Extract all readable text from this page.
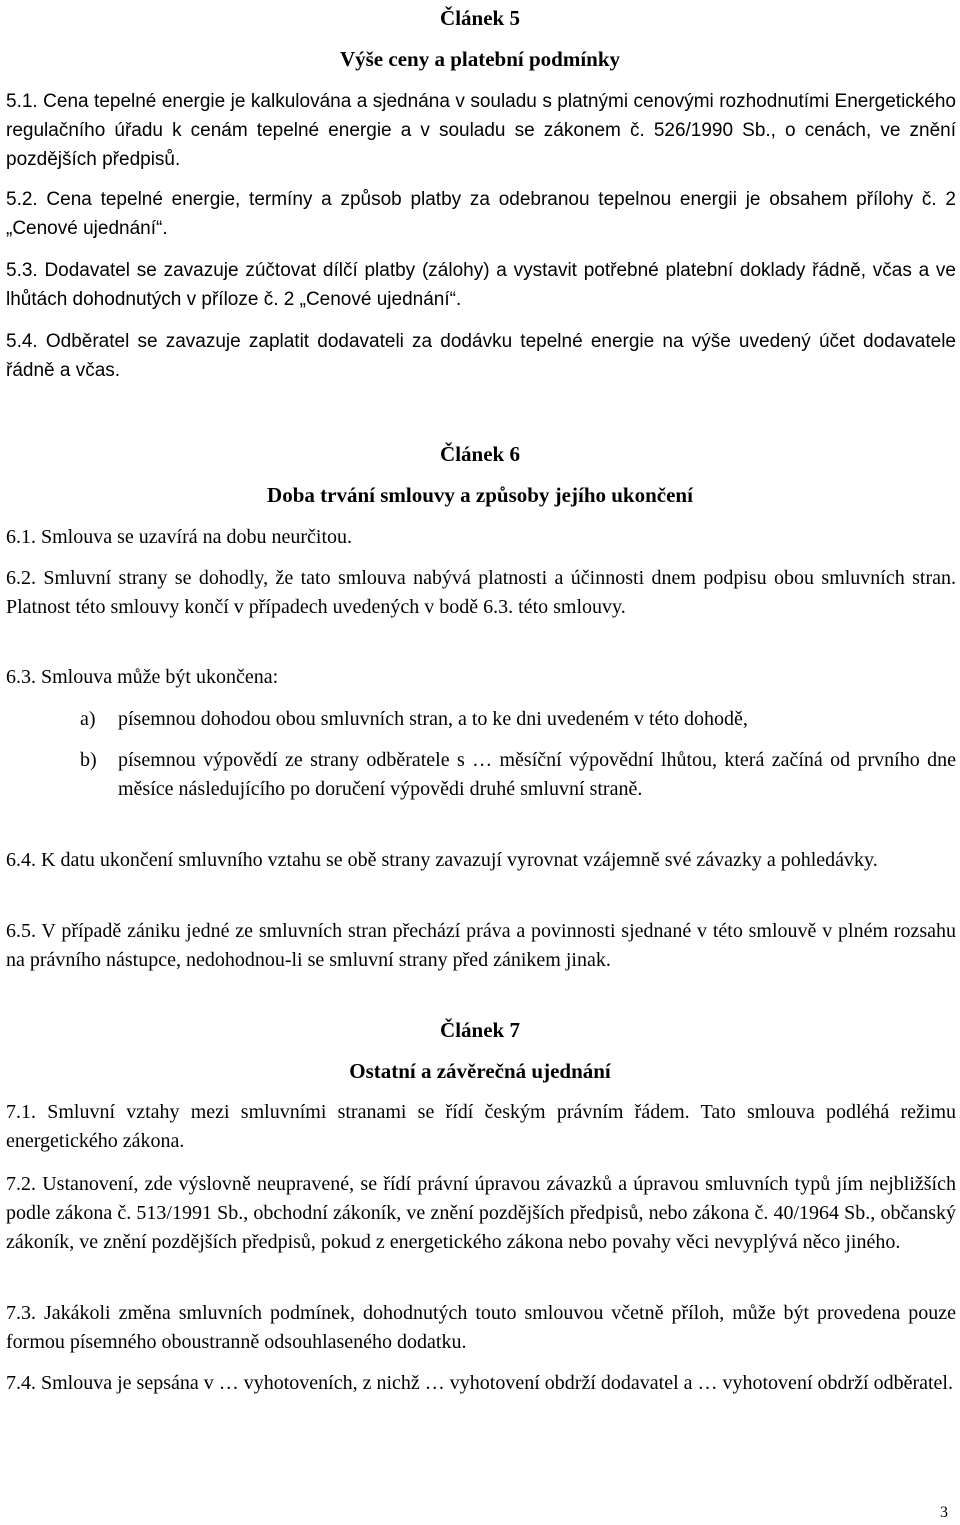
Článek 5
Výše ceny a platební podmínky

5.1. Cena tepelné energie je kalkulována a sjednána v souladu s platnými cenovými rozhodnutími Energetického regulačního úřadu k cenám tepelné energie a v souladu se zákonem č. 526/1990 Sb., o cenách, ve znění pozdějších předpisů.

5.2. Cena tepelné energie, termíny a způsob platby za odebranou tepelnou energii je obsahem přílohy č. 2 „Cenové ujednání“.

5.3. Dodavatel se zavazuje zúčtovat dílčí platby (zálohy) a vystavit potřebné platební doklady řádně, včas a ve lhůtách dohodnutých v příloze č. 2 „Cenové ujednání“.

5.4. Odběratel se zavazuje zaplatit dodavateli za dodávku tepelné energie na výše uvedený účet dodavatele řádně a včas.

Článek 6
Doba trvání smlouvy a způsoby jejího ukončení

6.1. Smlouva se uzavírá na dobu neurčitou.

6.2. Smluvní strany se dohodly, že tato smlouva nabývá platnosti a účinnosti dnem podpisu obou smluvních stran. Platnost této smlouvy končí v případech uvedených v bodě 6.3. této smlouvy.

6.3. Smlouva může být ukončena:

a) písemnou dohodou obou smluvních stran, a to ke dni uvedeném v této dohodě,
b) písemnou výpovědí ze strany odběratele s … měsíční výpovědní lhůtou, která začíná od prvního dne měsíce následujícího po doručení výpovědi druhé smluvní straně.

6.4. K datu ukončení smluvního vztahu se obě strany zavazují vyrovnat vzájemně své závazky a pohledávky.

6.5. V případě zániku jedné ze smluvních stran přechází práva a povinnosti sjednané v této smlouvě v plném rozsahu na právního nástupce, nedohodnou-li se smluvní strany před zánikem jinak.

Článek 7
Ostatní a závěrečná ujednání

7.1. Smluvní vztahy mezi smluvními stranami se řídí českým právním řádem. Tato smlouva podléhá režimu energetického zákona.

7.2. Ustanovení, zde výslovně neupravené, se řídí právní úpravou závazků a úpravou smluvních typů jím nejbližších podle zákona č. 513/1991 Sb., obchodní zákoník, ve znění pozdějších předpisů, nebo zákona č. 40/1964 Sb., občanský zákoník, ve znění pozdějších předpisů, pokud z energetického zákona nebo povahy věci nevyplývá něco jiného.

7.3. Jakákoli změna smluvních podmínek, dohodnutých touto smlouvou včetně příloh, může být provedena pouze formou písemného oboustranně odsouhlaseného dodatku.

7.4. Smlouva je sepsána v … vyhotoveních, z nichž … vyhotovení obdrží dodavatel a … vyhotovení obdrží odběratel.

3
